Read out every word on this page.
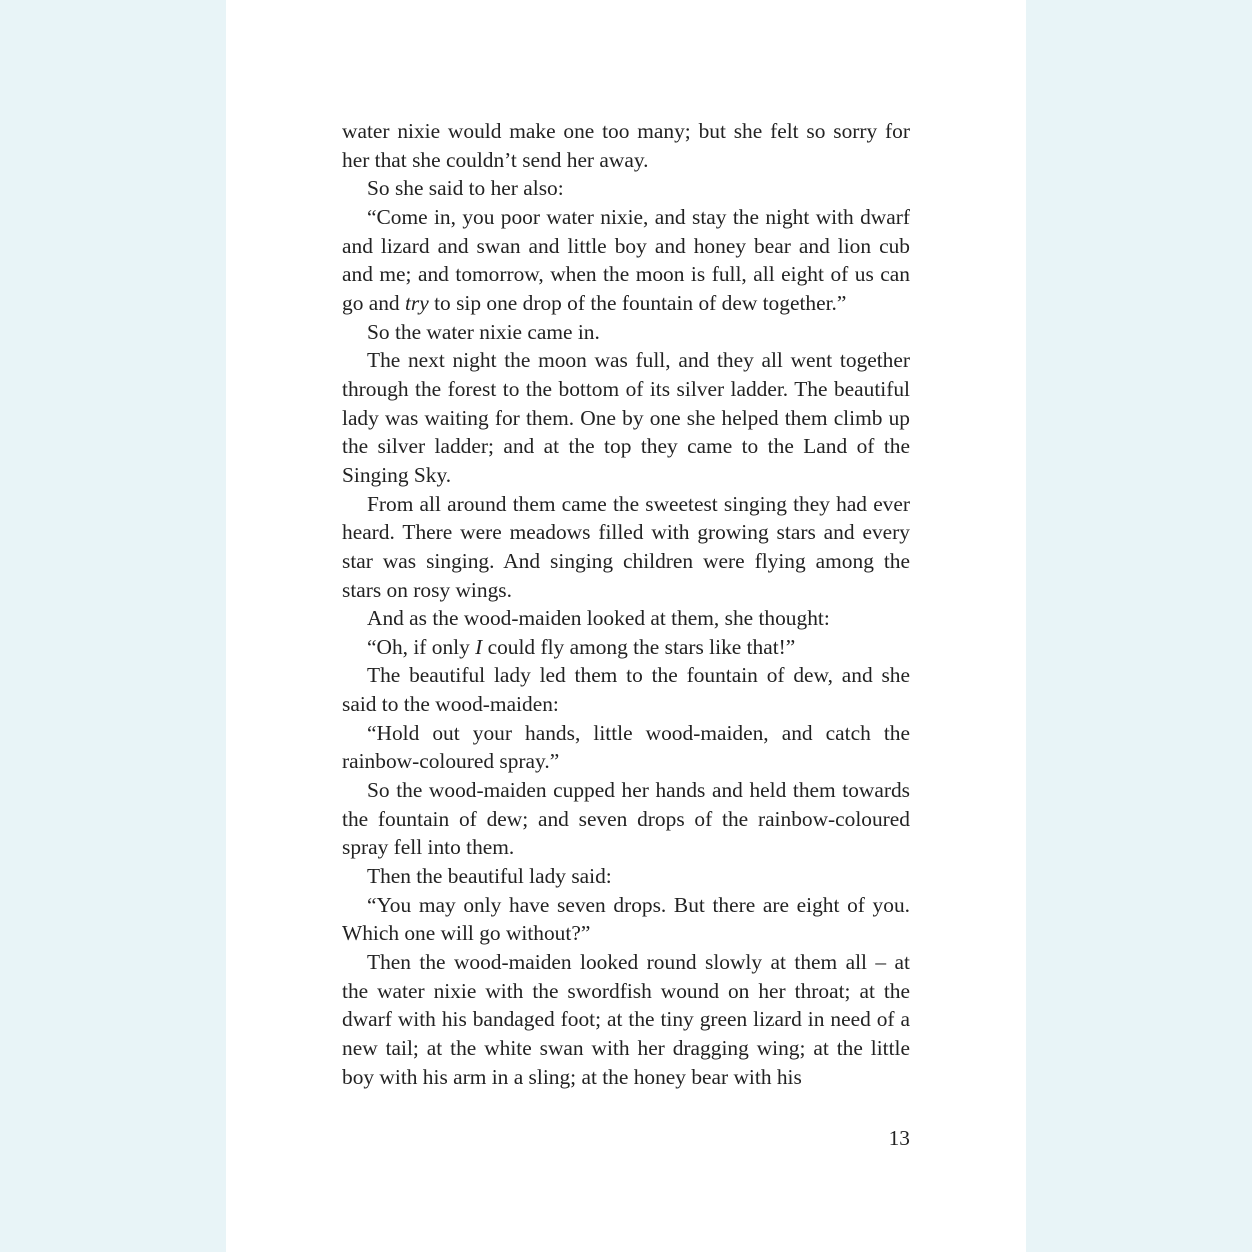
water nixie would make one too many; but she felt so sorry for her that she couldn’t send her away.

So she said to her also:

“Come in, you poor water nixie, and stay the night with dwarf and lizard and swan and little boy and honey bear and lion cub and me; and tomorrow, when the moon is full, all eight of us can go and try to sip one drop of the fountain of dew together.”

So the water nixie came in.

The next night the moon was full, and they all went together through the forest to the bottom of its silver ladder. The beautiful lady was waiting for them. One by one she helped them climb up the silver ladder; and at the top they came to the Land of the Singing Sky.

From all around them came the sweetest singing they had ever heard. There were meadows filled with growing stars and every star was singing. And singing children were flying among the stars on rosy wings.

And as the wood-maiden looked at them, she thought:

“Oh, if only I could fly among the stars like that!”

The beautiful lady led them to the fountain of dew, and she said to the wood-maiden:

“Hold out your hands, little wood-maiden, and catch the rainbow-coloured spray.”

So the wood-maiden cupped her hands and held them towards the fountain of dew; and seven drops of the rainbow-coloured spray fell into them.

Then the beautiful lady said:

“You may only have seven drops. But there are eight of you. Which one will go without?”

Then the wood-maiden looked round slowly at them all – at the water nixie with the swordfish wound on her throat; at the dwarf with his bandaged foot; at the tiny green lizard in need of a new tail; at the white swan with her dragging wing; at the little boy with his arm in a sling; at the honey bear with his

13
